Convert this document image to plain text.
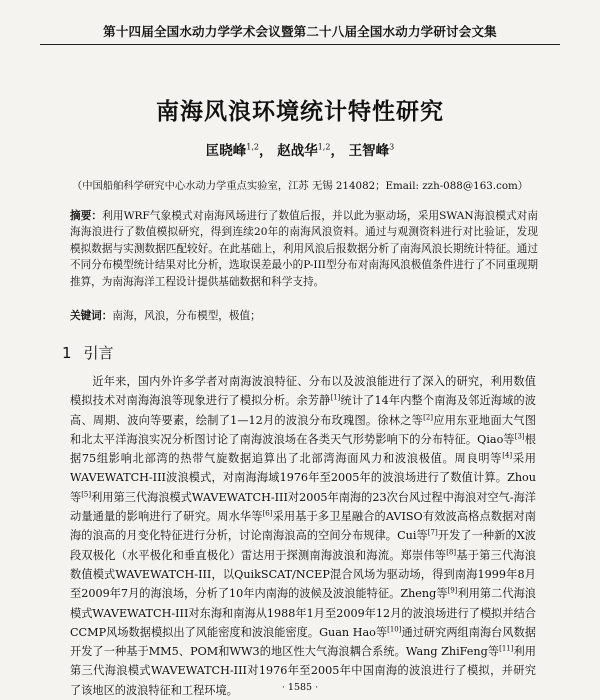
第十四届全国水动力学学术会议暨第二十八届全国水动力学研讨会文集
南海风浪环境统计特性研究
匡晓峰$^{1,2}$， 赵战华$^{1,2}$， 王智峰$^3$
（中国船舶科学研究中心水动力学重点实验室，江苏 无锡 214082；Email: zzh-088@163.com）
摘要：利用WRF气象模式对南海风场进行了数值后报，并以此为驱动场，采用SWAN海浪模式对南海海浪进行了数值模拟研究，得到连续20年的南海风浪资料。通过与观测资料进行对比验证，发现模拟数据与实测数据匹配较好。在此基础上，利用风浪后报数据分析了南海风浪长期统计特征。通过不同分布模型统计结果对比分析，选取误差最小的P-III型分布对南海风浪极值条件进行了不同重现期推算，为南海海洋工程设计提供基础数据和科学支持。
关键词：南海，风浪，分布模型，极值；
1 引言

近年来，国内外许多学者对南海波浪特征、分布以及波浪能进行了深入的研究，利用数值模拟技术对南海海浪等现象进行了模拟分析。余芳静[1]统计了14年内整个南海及邻近海域的波高、周期、波向等要素，绘制了1—12月的波浪分布玫瑰图。徐林之等[2]应用东亚地面大气图和北太平洋海浪实况分析图讨论了南海波浪场在各类天气形势影响下的分布特征。Qiao等[3]根据75组影响北部湾的热带气旋数据追算出了北部湾海面风力和波浪极值。周良明等[4]采用WAVEWATCH-III波浪模式，对南海海域1976年至2005年的波浪场进行了数值计算。Zhou等[5]利用第三代海浪模式WAVEWATCH-III对2005年南海的23次台风过程中海浪对空气-海洋动量通量的影响进行了研究。周水华等[6]采用基于多卫星融合的AVISO有效波高格点数据对南海的浪高的月变化特征进行分析，讨论南海浪高的空间分布规律。Cui等[7]开发了一种新的X波段双极化（水平极化和垂直极化）雷达用于探测南海波浪和海流。郑崇伟等[8]基于第三代海浪数值模式WAVEWATCH-III，以QuikSCAT/NCEP混合风场为驱动场，得到南海1999年8月至2009年7月的海浪场，分析了10年内南海的波候及波浪能特征。Zheng等[9]利用第二代海浪模式WAVEWATCH-III对东海和南海从1988年1月至2009年12月的波浪场进行了模拟并结合CCMP风场数据模拟出了风能密度和波浪能密度。Guan Hao等[10]通过研究两组南海台风数据开发了一种基于MM5、POM和WW3的地区性大气海浪耦合系统。Wang ZhiFeng等[11]利用第三代海浪模式WAVEWATCH-III对1976年至2005年中国南海的波浪进行了模拟，并研究了该地区的波浪特征和工程环境。	· 1585 ·
